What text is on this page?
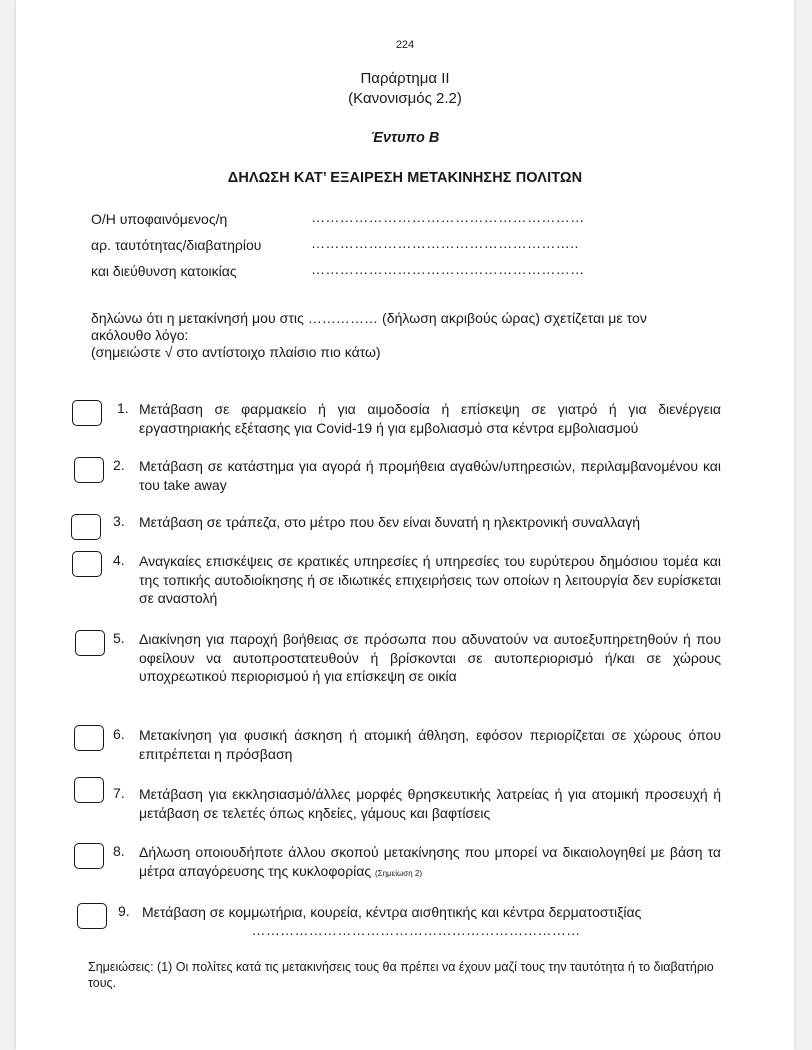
224
Παράρτημα ΙΙ
(Κανονισμός 2.2)
Έντυπο Β
ΔΗΛΩΣΗ ΚΑΤ’ ΕΞΑΙΡΕΣΗ ΜΕΤΑΚΙΝΗΣΗΣ ΠΟΛΙΤΩΝ
Ο/Η υποφαινόμενος/η	…………………………………………………
αρ. ταυτότητας/διαβατηρίου	………………………………………………..
και διεύθυνση κατοικίας	…………………………………………………
δηλώνω ότι η μετακίνησή μου στις …………… (δήλωση ακριβούς ώρας) σχετίζεται με τον
ακόλουθο λόγο:
(σημειώστε √ στο αντίστοιχο πλαίσιο πιο κάτω)
1. Μετάβαση σε φαρμακείο ή για αιμοδοσία ή επίσκεψη σε γιατρό ή για διενέργεια εργαστηριακής εξέτασης για Covid-19 ή για εμβολιασμό στα κέντρα εμβολιασμού
2. Μετάβαση σε κατάστημα για αγορά ή προμήθεια αγαθών/υπηρεσιών, περιλαμβανομένου και του take away
3. Μετάβαση σε τράπεζα, στο μέτρο που δεν είναι δυνατή η ηλεκτρονική συναλλαγή
4. Αναγκαίες επισκέψεις σε κρατικές υπηρεσίες ή υπηρεσίες του ευρύτερου δημόσιου τομέα και της τοπικής αυτοδιοίκησης ή σε ιδιωτικές επιχειρήσεις των οποίων η λειτουργία δεν ευρίσκεται σε αναστολή
5. Διακίνηση για παροχή βοήθειας σε πρόσωπα που αδυνατούν να αυτοεξυπηρετηθούν ή που οφείλουν να αυτοπροστατευθούν ή βρίσκονται σε αυτοπεριορισμό ή/και σε χώρους υποχρεωτικού περιορισμού ή για επίσκεψη σε οικία
6. Μετακίνηση για φυσική άσκηση ή ατομική άθληση, εφόσον περιορίζεται σε χώρους όπου επιτρέπεται η πρόσβαση
7. Μετάβαση για εκκλησιασμό/άλλες μορφές θρησκευτικής λατρείας ή για ατομική προσευχή ή μετάβαση σε τελετές όπως κηδείες, γάμους και βαφτίσεις
8. Δήλωση οποιουδήποτε άλλου σκοπού μετακίνησης που μπορεί να δικαιολογηθεί με βάση τα μέτρα απαγόρευσης της κυκλοφορίας (Σημείωση 2)
9. Μετάβαση σε κομμωτήρια, κουρεία, κέντρα αισθητικής και κέντρα δερματοστιξίας
……………………………………………………………
Σημειώσεις: (1) Οι πολίτες κατά τις μετακινήσεις τους θα πρέπει να έχουν μαζί τους την ταυτότητα ή το διαβατήριο τους.
